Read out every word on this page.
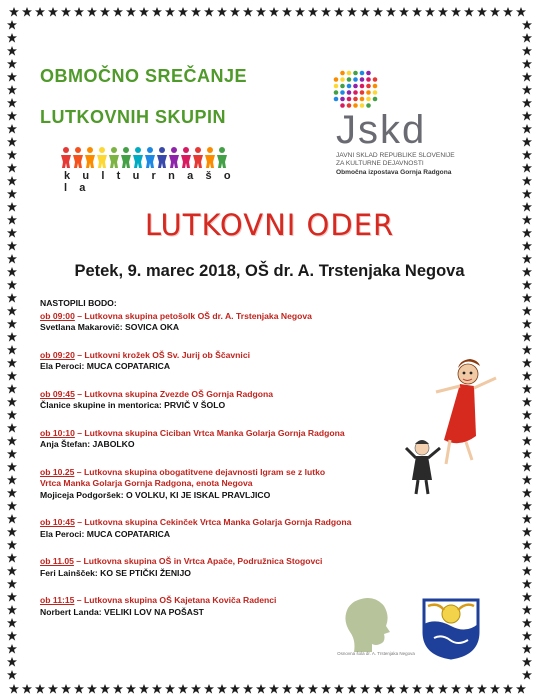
OBMOČNO SREČANJE
LUTKOVNIH SKUPIN
k u l t u r n a š o l a
Jskd
JAVNI SKLAD REPUBLIKE SLOVENIJE
ZA KULTURNE DEJAVNOSTI
Območna izpostava Gornja Radgona
LUTKOVNI ODER
Petek, 9. marec 2018, OŠ dr. A. Trstenjaka Negova
NASTOPILI BODO:
ob 09:00 – Lutkovna skupina petošolk OŠ dr. A. Trstenjaka Negova
Svetlana Makarovič: SOVICA OKA
ob 09:20 – Lutkovni krožek OŠ Sv. Jurij ob Ščavnici
Ela Peroci: MUCA COPATARICA
ob 09:45 – Lutkovna skupina Zvezde OŠ Gornja Radgona
Članice skupine in mentorica: PRVIČ V ŠOLO
ob 10:10 – Lutkovna skupina Ciciban Vrtca Manka Golarja Gornja Radgona
Anja Štefan: JABOLKO
ob 10.25 – Lutkovna skupina obogatitvene dejavnosti Igram se z lutko
Vrtca Manka Golarja Gornja Radgona, enota Negova
Mojiceja Podgoršek: O VOLKU, KI JE ISKAL PRAVLJICO
ob 10:45 – Lutkovna skupina Cekinček Vrtca Manka Golarja Gornja Radgona
Ela Peroci: MUCA COPATARICA
ob 11.05 – Lutkovna skupina OŠ in Vrtca Apače, Podružnica Stogovci
Feri Lainšček: KO SE PTIČKI ŽENIJO
ob 11:15 – Lutkovna skupina OŠ Kajetana Koviča Radenci
Norbert Landa: VELIKI LOV NA POŠAST
Osnovna šola dr. A. Trstenjaka Negova
